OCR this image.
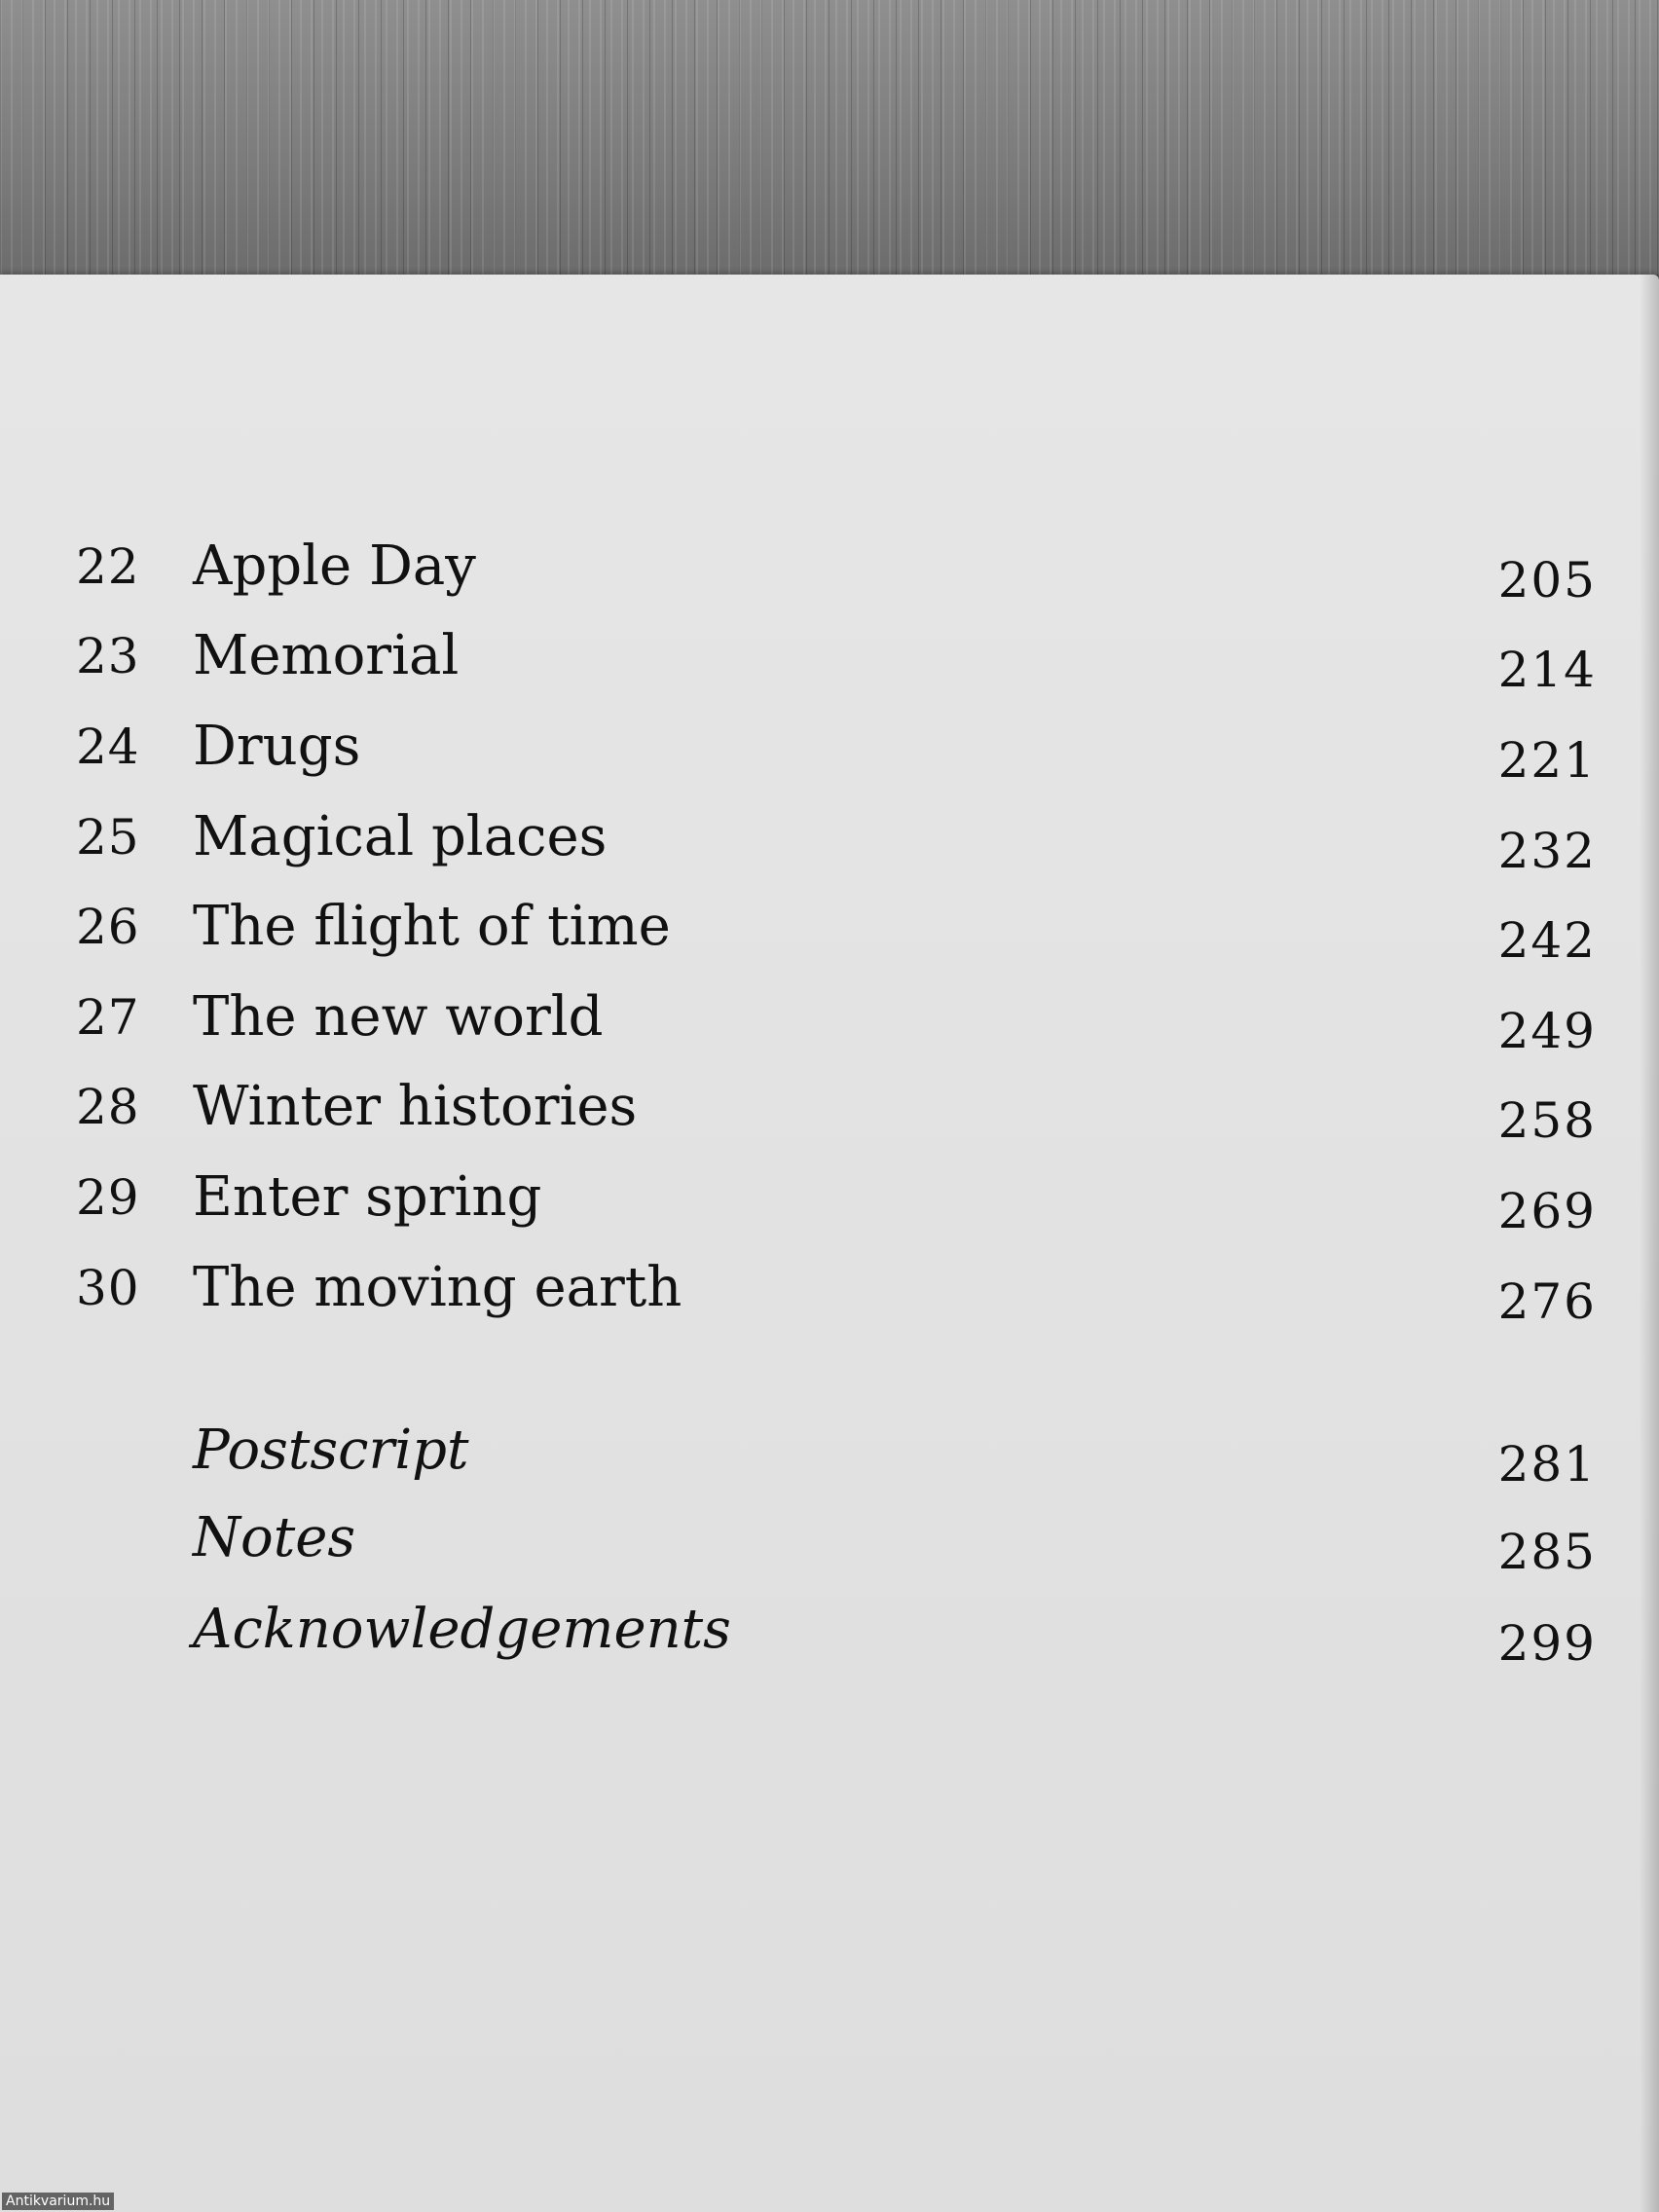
22 Apple Day	205
23 Memorial	214
24 Drugs	221
25 Magical places	232
26 The flight of time	242
27 The new world	249
28 Winter histories	258
29 Enter spring	269
30 The moving earth	276
Postscript	281
Notes	285
Acknowledgements	299
Antikvarium.hu
